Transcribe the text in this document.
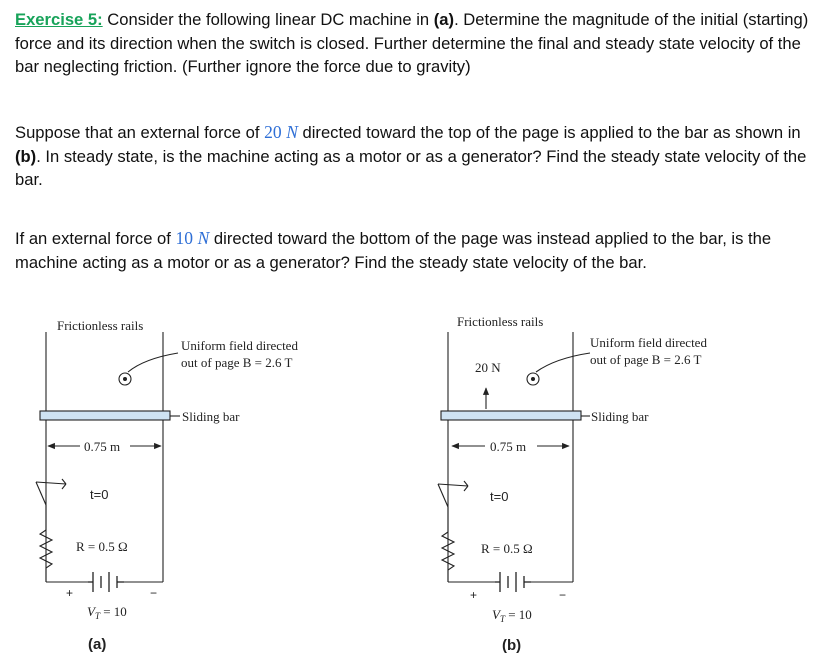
Exercise 5: Consider the following linear DC machine in (a). Determine the magnitude of the initial (starting) force and its direction when the switch is closed. Further determine the final and steady state velocity of the bar neglecting friction. (Further ignore the force due to gravity)

Suppose that an external force of 20 N directed toward the top of the page is applied to the bar as shown in (b). In steady state, is the machine acting as a motor or as a generator? Find the steady state velocity of the bar.

If an external force of 10 N directed toward the bottom of the page was instead applied to the bar, is the machine acting as a motor or as a generator? Find the steady state velocity of the bar.

Frictionless rails
Uniform field directed
out of page B = 2.6 T
Sliding bar
0.75 m
t=0
R = 0.5 Ω
+	−
$V_T = 10$
(a)
Frictionless rails
Uniform field directed
out of page B = 2.6 T
20 N
Sliding bar
0.75 m
t=0
R = 0.5 Ω
+	−
$V_T = 10$
(b)
